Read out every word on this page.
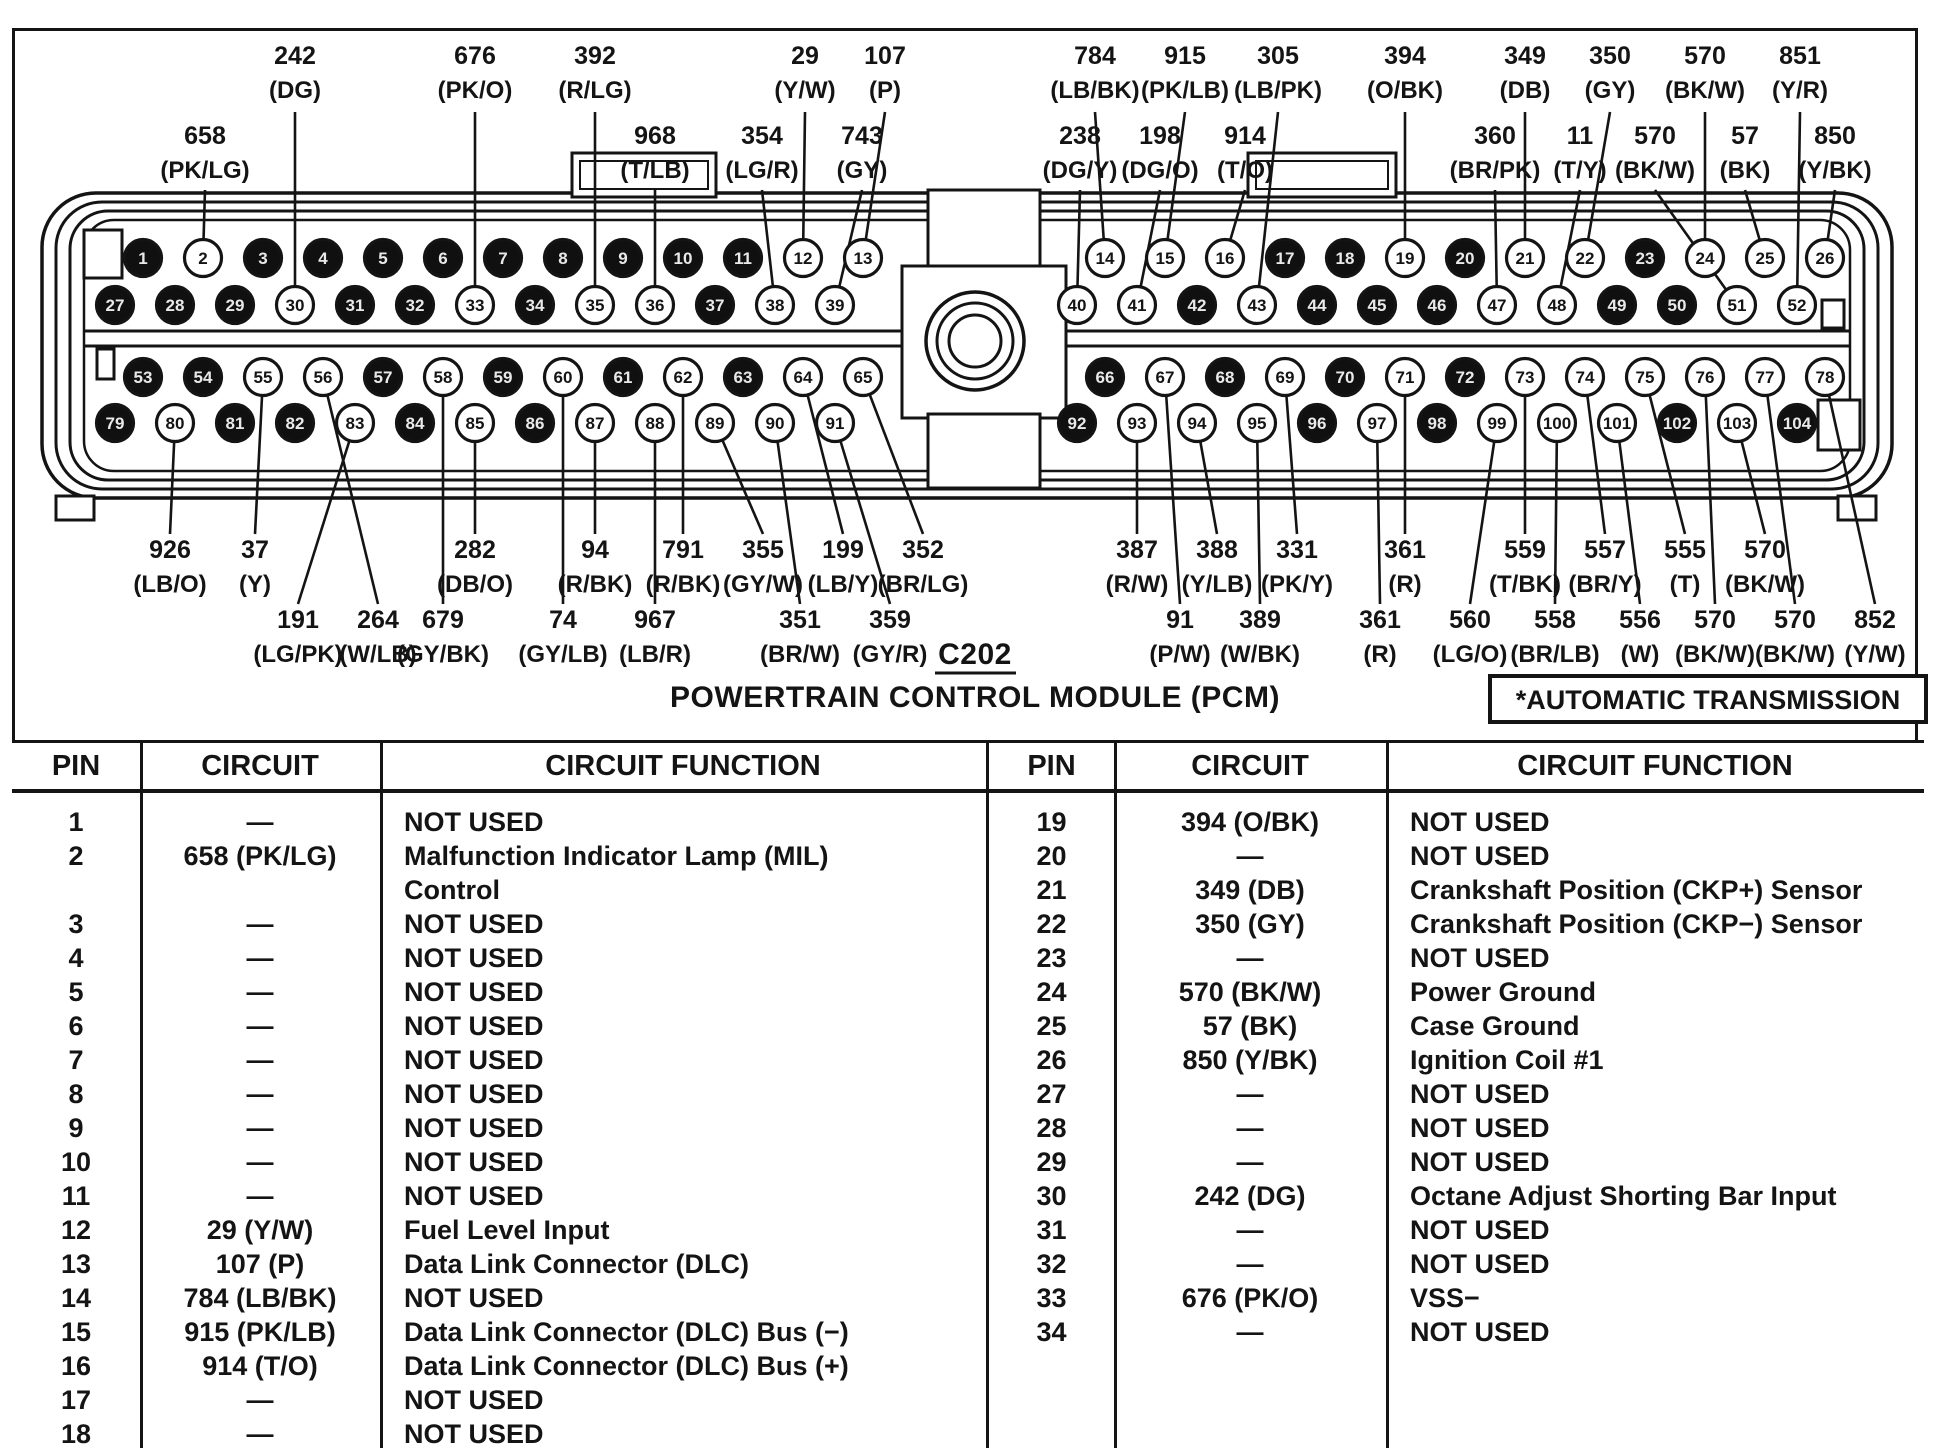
1	2	3	4	5	6	7	8	9	10 11 12 13	14 15 16 17 18 19 20 21 22 23 24 25 26
27 28 29 30 31 32 33 34 35 36 37 38 39	40 41 42 43 44 45 46 47 48 49 50 51 52
53 54 55 56 57 58 59 60 61 62 63 64 65	66 67 68 69 70 71 72 73 74 75 76 77 78
79 80 81 82 83 84 85 86 87 88 89 90 91	92 93 94 95 96 97 98 99 100 101 102 103 104
242
(DG)
676
(PK/O)
392
(R/LG)
29
(Y/W)
107
(P)
784
(LB/BK)
915
(PK/LB)
305
(LB/PK)
394
(O/BK)
349
(DB)
350
(GY)
570
(BK/W)
851
(Y/R)
658
(PK/LG)
968
(T/LB)
354
(LG/R)
743
(GY)
238
(DG/Y)
198
(DG/O)
914
(T/O)
360
(BR/PK)
11
(T/Y)
570
(BK/W)
57
(BK)
850
(Y/BK)
926
(LB/O)
37
(Y)
282
(DB/O)
94
(R/BK)
791
(R/BK)
355
(GY/W)
199
(LB/Y)
352
(BR/LG)
387
(R/W)
388
(Y/LB)
331
(PK/Y)
361
(R)
559
(T/BK)
557
(BR/Y)
555
(T)
570
(BK/W)
191
(LG/PK)
264
(W/LB)
679
(GY/BK)
74
(GY/LB)
967
(LB/R)
351
(BR/W)
359
(GY/R)
91
(P/W)
389
(W/BK)
361
(R)
560
(LG/O)
558
(BR/LB)
556
(W)
570
(BK/W)
570
(BK/W)
852
(Y/W)
C202
POWERTRAIN CONTROL MODULE (PCM)	*AUTOMATIC TRANSMISSION
PIN	CIRCUIT	CIRCUIT FUNCTION
1	—	NOT USED
2	658 (PK/LG)	Malfunction Indicator Lamp (MIL)
Control
3	—	NOT USED
4	—	NOT USED
5	—	NOT USED
6	—	NOT USED
7	—	NOT USED
8	—	NOT USED
9	—	NOT USED
10	—	NOT USED
11	—	NOT USED
12	29 (Y/W)	Fuel Level Input
13	107 (P)	Data Link Connector (DLC)
14	784 (LB/BK)	NOT USED
15	915 (PK/LB)	Data Link Connector (DLC) Bus (−)
16	914 (T/O)	Data Link Connector (DLC) Bus (+)
17	—	NOT USED
18	—	NOT USED
PIN	CIRCUIT	CIRCUIT FUNCTION
19	394 (O/BK)	NOT USED
20	—	NOT USED
21	349 (DB)	Crankshaft Position (CKP+) Sensor
22	350 (GY)	Crankshaft Position (CKP−) Sensor
23	—	NOT USED
24	570 (BK/W)	Power Ground
25	57 (BK)	Case Ground
26	850 (Y/BK)	Ignition Coil #1
27	—	NOT USED
28	—	NOT USED
29	—	NOT USED
30	242 (DG)	Octane Adjust Shorting Bar Input
31	—	NOT USED
32	—	NOT USED
33	676 (PK/O)	VSS−
34	—	NOT USED
